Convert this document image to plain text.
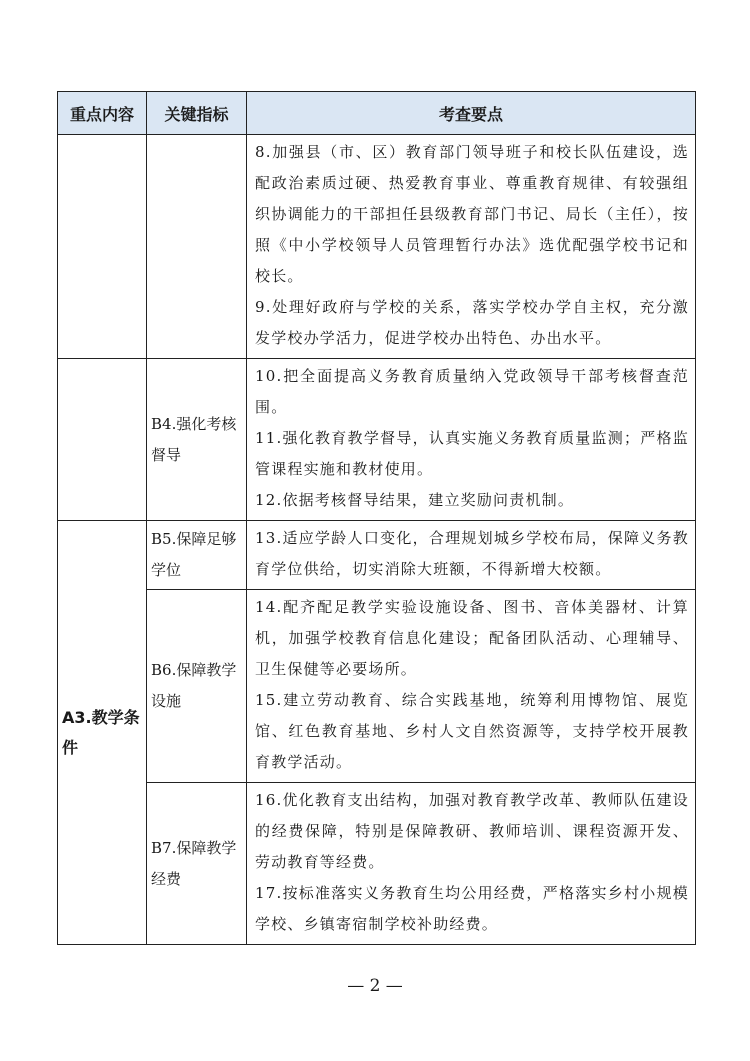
重点内容	关键指标	考查要点

		8.加强县（市、区）教育部门领导班子和校长队伍建设，选配政治素质过硬、热爱教育事业、尊重教育规律、有较强组织协调能力的干部担任县级教育部门书记、局长（主任），按照《中小学校领导人员管理暂行办法》选优配强学校书记和校长。

9.处理好政府与学校的关系，落实学校办学自主权，充分激发学校办学活力，促进学校办出特色、办出水平。

	B4.强化考核督导	10.把全面提高义务教育质量纳入党政领导干部考核督查范围。

11.强化教育教学督导，认真实施义务教育质量监测；严格监管课程实施和教材使用。

12.依据考核督导结果，建立奖励问责机制。

A3.教学条件	B5.保障足够学位	13.适应学龄人口变化，合理规划城乡学校布局，保障义务教育学位供给，切实消除大班额，不得新增大校额。

	B6.保障教学设施	14.配齐配足教学实验设施设备、图书、音体美器材、计算机，加强学校教育信息化建设；配备团队活动、心理辅导、卫生保健等必要场所。

15.建立劳动教育、综合实践基地，统筹利用博物馆、展览馆、红色教育基地、乡村人文自然资源等，支持学校开展教育教学活动。

	B7.保障教学经费	16.优化教育支出结构，加强对教育教学改革、教师队伍建设的经费保障，特别是保障教研、教师培训、课程资源开发、劳动教育等经费。

17.按标准落实义务教育生均公用经费，严格落实乡村小规模学校、乡镇寄宿制学校补助经费。

— 2 —
